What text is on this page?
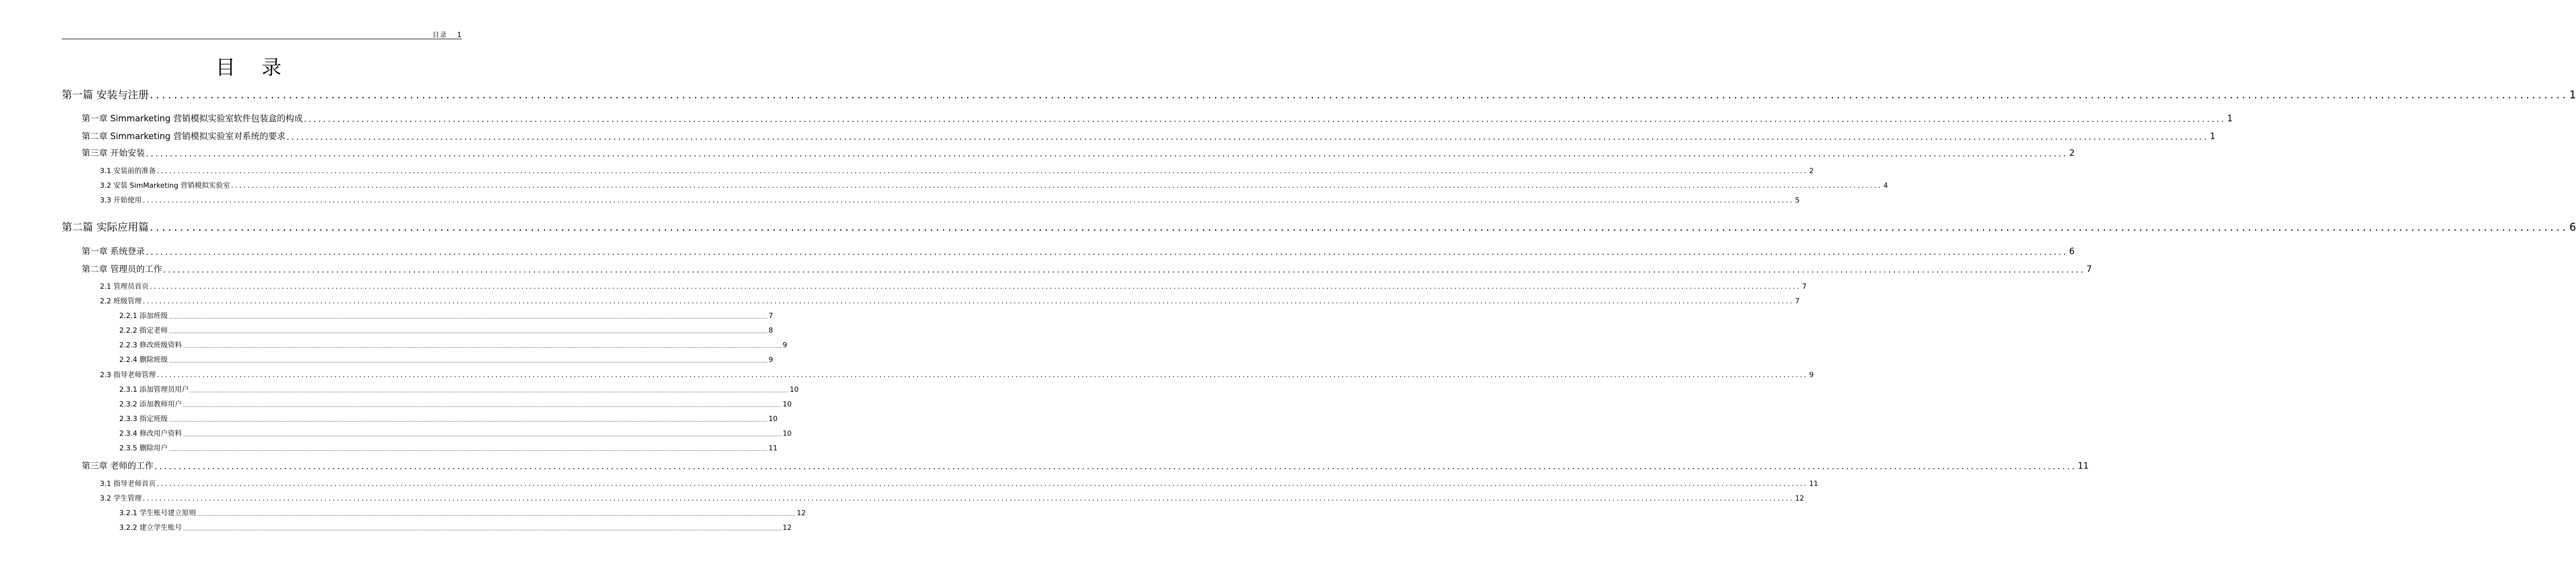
目录　 1
目录
第一篇 安装与注册 ................................................................................................................................................................................................................................................................................................................................................................................................................ 1
第一章 Simmarketing 营销模拟实验室软件包装盒的构成 ................................................................................................................................................................................................................................................................................................................................................................................................................ 1
第二章 Simmarketing 营销模拟实验室对系统的要求 ................................................................................................................................................................................................................................................................................................................................................................................................................ 1
第三章 开始安装 ................................................................................................................................................................................................................................................................................................................................................................................................................ 2
3.1 安装前的准备 ................................................................................................................................................................................................................................................................................................................................................................................................................ 2
3.2 安装 SimMarketing 营销模拟实验室 ................................................................................................................................................................................................................................................................................................................................................................................................................ 4
3.3 开始使用 ................................................................................................................................................................................................................................................................................................................................................................................................................ 5
第二篇 实际应用篇 ................................................................................................................................................................................................................................................................................................................................................................................................................ 6
第一章 系统登录 ................................................................................................................................................................................................................................................................................................................................................................................................................ 6
第二章 管理员的工作 ................................................................................................................................................................................................................................................................................................................................................................................................................ 7
2.1 管理员首页 ................................................................................................................................................................................................................................................................................................................................................................................................................ 7
2.2 班级管理 ................................................................................................................................................................................................................................................................................................................................................................................................................ 7
2.2.1 添加班级 ................................................................................................................................................................................................................................................................................................................................................................................................................ 7
2.2.2 指定老师 ................................................................................................................................................................................................................................................................................................................................................................................................................ 8
2.2.3 修改班级资料 ................................................................................................................................................................................................................................................................................................................................................................................................................ 9
2.2.4 删除班级 ................................................................................................................................................................................................................................................................................................................................................................................................................ 9
2.3 指导老师管理 ................................................................................................................................................................................................................................................................................................................................................................................................................ 9
2.3.1 添加管理员用户 ................................................................................................................................................................................................................................................................................................................................................................................................................ 10
2.3.2 添加教师用户 ................................................................................................................................................................................................................................................................................................................................................................................................................ 10
2.3.3 指定班级 ................................................................................................................................................................................................................................................................................................................................................................................................................ 10
2.3.4 修改用户资料 ................................................................................................................................................................................................................................................................................................................................................................................................................ 10
2.3.5 删除用户 ................................................................................................................................................................................................................................................................................................................................................................................................................ 11
第三章 老师的工作 ................................................................................................................................................................................................................................................................................................................................................................................................................ 11
3.1 指导老师首页 ................................................................................................................................................................................................................................................................................................................................................................................................................ 11
3.2 学生管理 ................................................................................................................................................................................................................................................................................................................................................................................................................ 12
3.2.1 学生账号建立原则 ................................................................................................................................................................................................................................................................................................................................................................................................................ 12
3.2.2 建立学生账号 ................................................................................................................................................................................................................................................................................................................................................................................................................ 12
